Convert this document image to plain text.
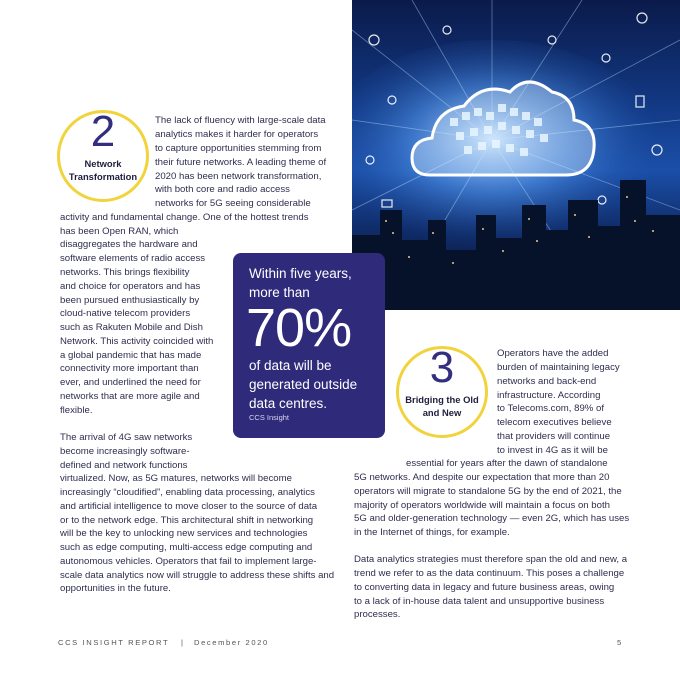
2
Network
Transformation
The lack of fluency with large-scale data
analytics makes it harder for operators
to capture opportunities stemming from
their future networks. A leading theme of
2020 has been network transformation,
with both core and radio access
networks for 5G seeing considerable
activity and fundamental change. One of the hottest trends
has been Open RAN, which
disaggregates the hardware and
software elements of radio access
networks. This brings flexibility
and choice for operators and has
been pursued enthusiastically by
cloud-native telecom providers
such as Rakuten Mobile and Dish
Network. This activity coincided with
a global pandemic that has made
connectivity more important than
ever, and underlined the need for
networks that are more agile and
flexible.
The arrival of 4G saw networks
become increasingly software-
defined and network functions
virtualized. Now, as 5G matures, networks will become
increasingly “cloudified”, enabling data processing, analytics
and artificial intelligence to move closer to the source of data
or to the network edge. This architectural shift in networking
will be the key to unlocking new services and technologies
such as edge computing, multi-access edge computing and
autonomous vehicles. Operators that fail to implement large-
scale data analytics now will struggle to address these shifts and
opportunities in the future.
Within five years,
more than
70%
of data will be
generated outside
data centres.
CCS Insight
3
Bridging the Old
and New
Operators have the added
burden of maintaining legacy
networks and back-end
infrastructure. According
to Telecoms.com, 89% of
telecom executives believe
that providers will continue
to invest in 4G as it will be
essential for years after the dawn of standalone
5G networks. And despite our expectation that more than 20
operators will migrate to standalone 5G by the end of 2021, the
majority of operators worldwide will maintain a focus on both
5G and older-generation technology — even 2G, which has uses
in the Internet of things, for example.
Data analytics strategies must therefore span the old and new, a
trend we refer to as the data continuum. This poses a challenge
to converting data in legacy and future business areas, owing
to a lack of in-house data talent and unsupportive business
processes.
CCS INSIGHT REPORT | December 2020	5
